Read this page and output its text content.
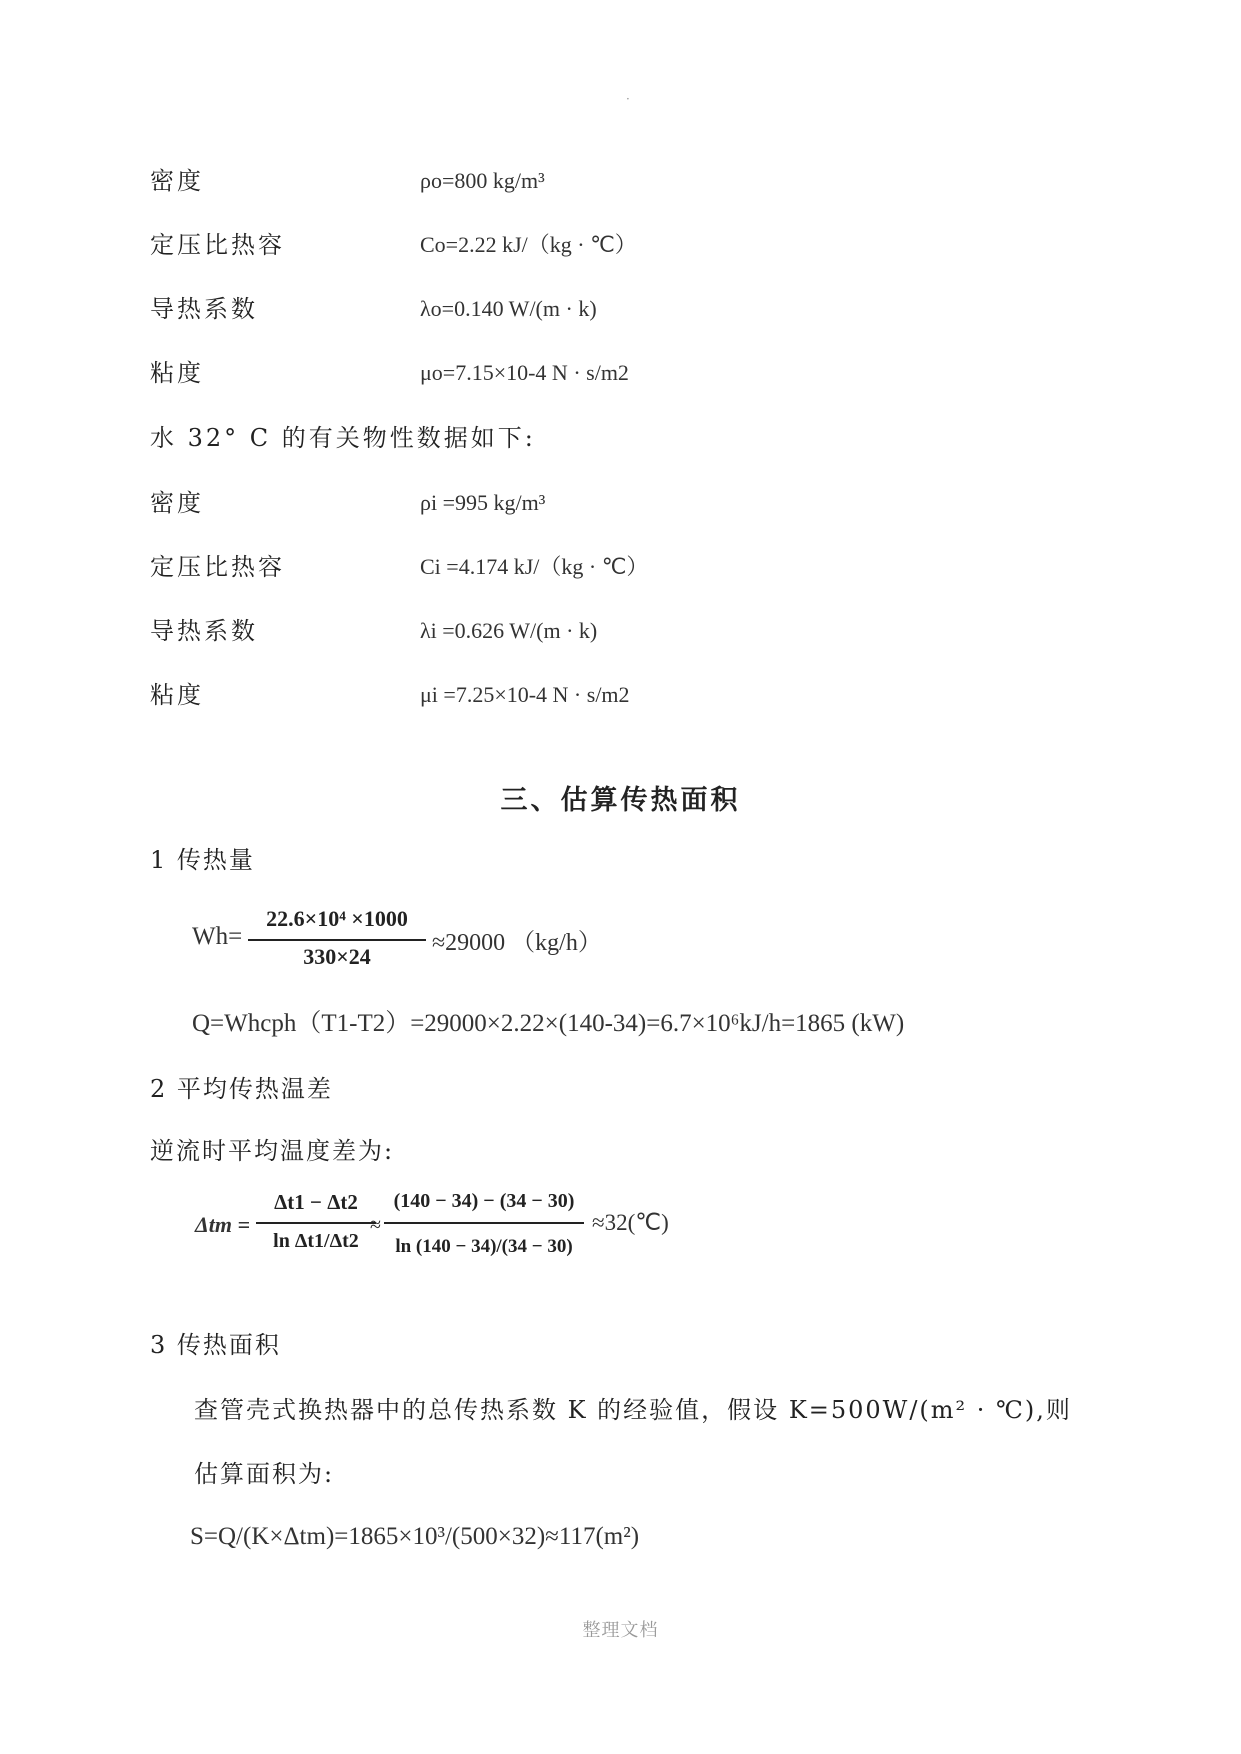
·
密度	ρo=800 kg/m³
定压比热容	Co=2.22 kJ/（kg · ℃）
导热系数	λo=0.140 W/(m · k)
粘度	μo=7.15×10-4 N · s/m2
水 32° C 的有关物性数据如下:
密度	ρi =995 kg/m³
定压比热容	Ci =4.174 kJ/（kg · ℃）
导热系数	λi =0.626 W/(m · k)
粘度	μi =7.25×10-4 N · s/m2
三、估算传热面积
1 传热量
Wh=
22.6×10⁴ ×1000
330×24
≈29000 （kg/h）
Q=Whcph（T1-T2）=29000×2.22×(140-34)=6.7×10⁶kJ/h=1865 (kW)
2 平均传热温差
逆流时平均温度差为:
Δtm =
Δt1 − Δt2
ln Δt1/Δt2
≈
(140 − 34) − (34 − 30)
ln (140 − 34)/(34 − 30)
≈32(℃)
3 传热面积
查管壳式换热器中的总传热系数 K 的经验值，假设 K=500W/(m² · ℃),则
估算面积为:
S=Q/(K×Δtm)=1865×10³/(500×32)≈117(m²)
整理文档
